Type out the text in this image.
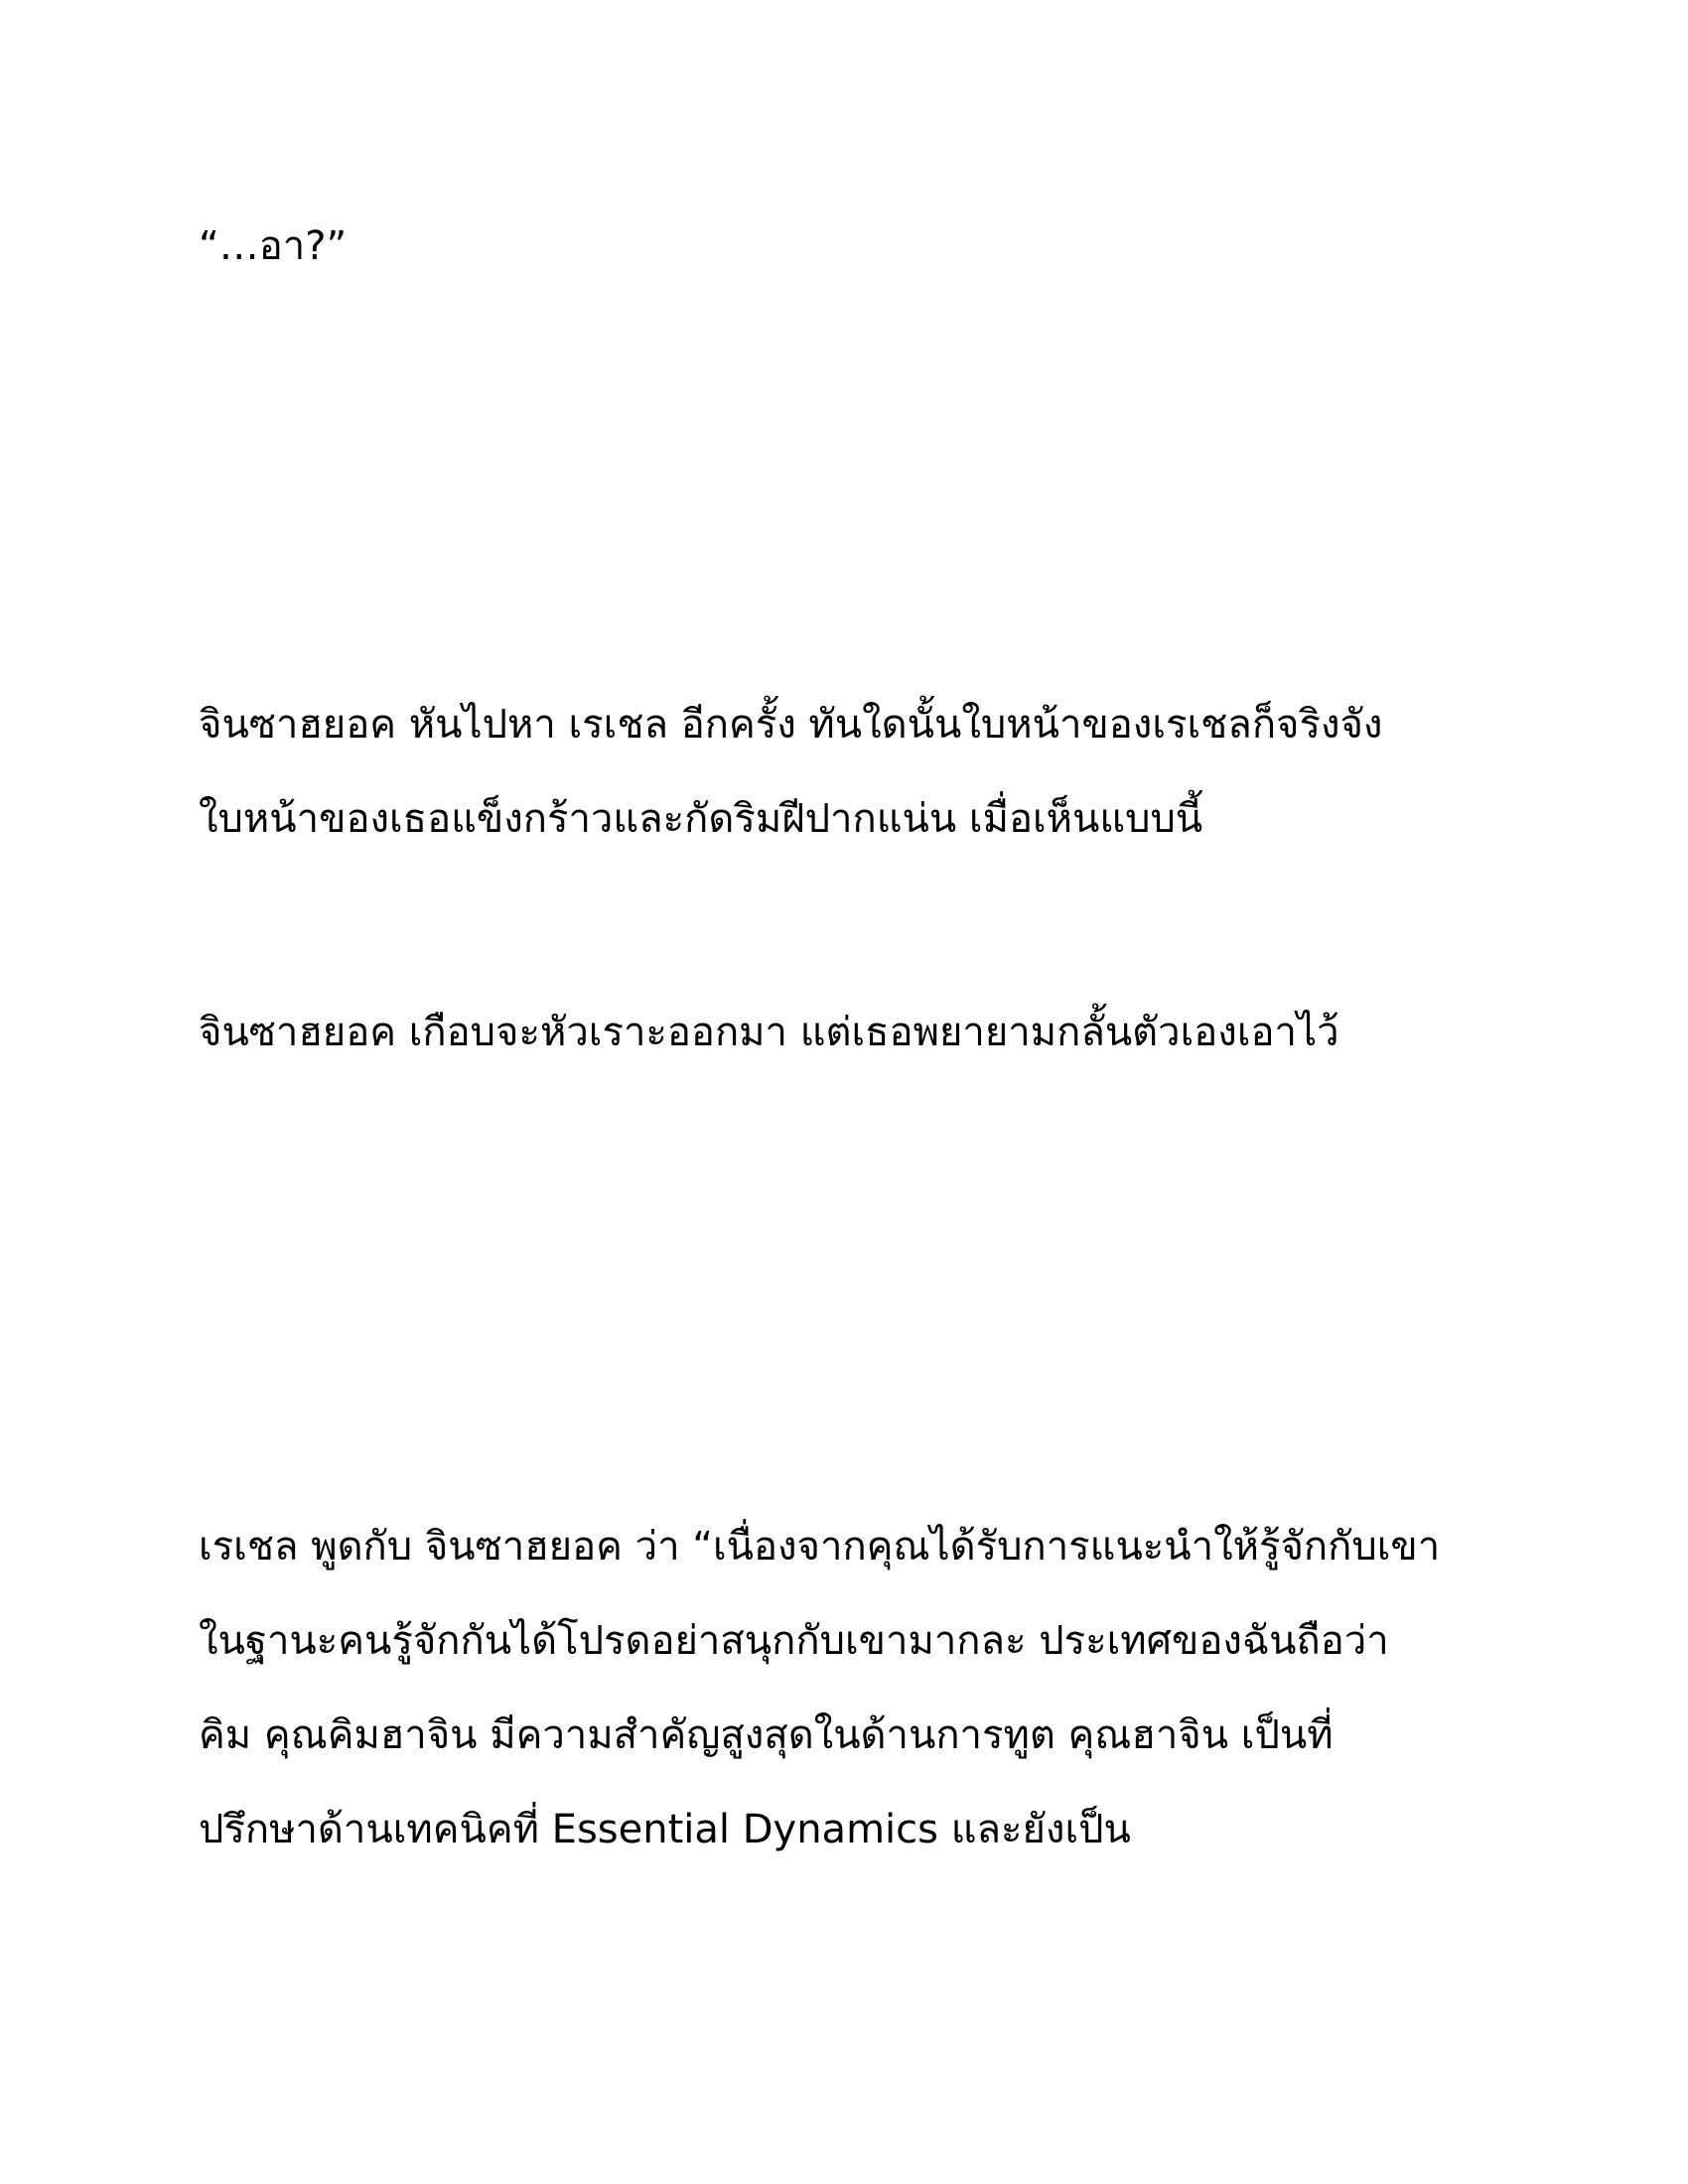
“…อา?”

จินซาฮยอค หันไปหา เรเชล อีกครั้ง ทันใดนั้นใบหน้าของเรเชลก็จริงจัง

ใบหน้าของเธอแข็งกร้าวและกัดริมฝีปากแน่น เมื่อเห็นแบบนี้

จินซาฮยอค เกือบจะหัวเราะออกมา แต่เธอพยายามกลั้นตัวเองเอาไว้

เรเชล พูดกับ จินซาฮยอค ว่า “เนื่องจากคุณได้รับการแนะนำให้รู้จักกับเขา

ในฐานะคนรู้จักกันได้โปรดอย่าสนุกกับเขามากละ ประเทศของฉันถือว่า

คิม คุณคิมฮาจิน มีความสำคัญสูงสุดในด้านการทูต คุณฮาจิน เป็นที่

ปรึกษาด้านเทคนิคที่ Essential Dynamics และยังเป็น
